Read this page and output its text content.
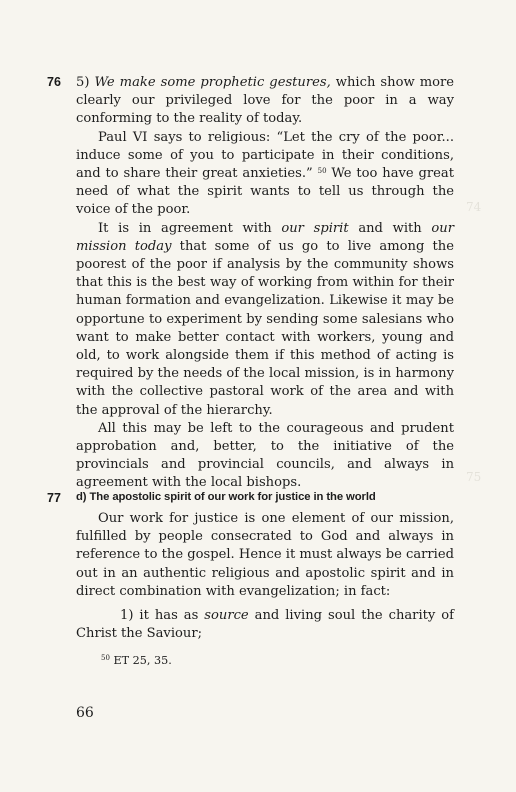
74
75
76 5) We make some prophetic gestures, which show more clearly our privileged love for the poor in a way conforming to the reality of today.

Paul VI says to religious: “Let the cry of the poor... induce some of you to participate in their conditions, and to share their great anxieties.” $^{50}$ We too have great need of what the spirit wants to tell us through the voice of the poor.

It is in agreement with our spirit and with our mission today that some of us go to live among the poorest of the poor if analysis by the community shows that this is the best way of working from within for their human formation and evangelization. Likewise it may be opportune to experiment by sending some salesians who want to make better contact with workers, young and old, to work alongside them if this method of acting is required by the needs of the local mission, is in harmony with the collective pastoral work of the area and with the approval of the hierarchy.

All this may be left to the courageous and prudent approbation and, better, to the initiative of the provincials and provincial councils, and always in agreement with the local bishops.

77 d) The apostolic spirit of our work for justice in the world

Our work for justice is one element of our mission, fulfilled by people consecrated to God and always in reference to the gospel. Hence it must always be carried out in an authentic religious and apostolic spirit and in direct combination with evangelization; in fact:

1) it has as source and living soul the charity of Christ the Saviour;

$^{50}$ ET 25, 35.
66
